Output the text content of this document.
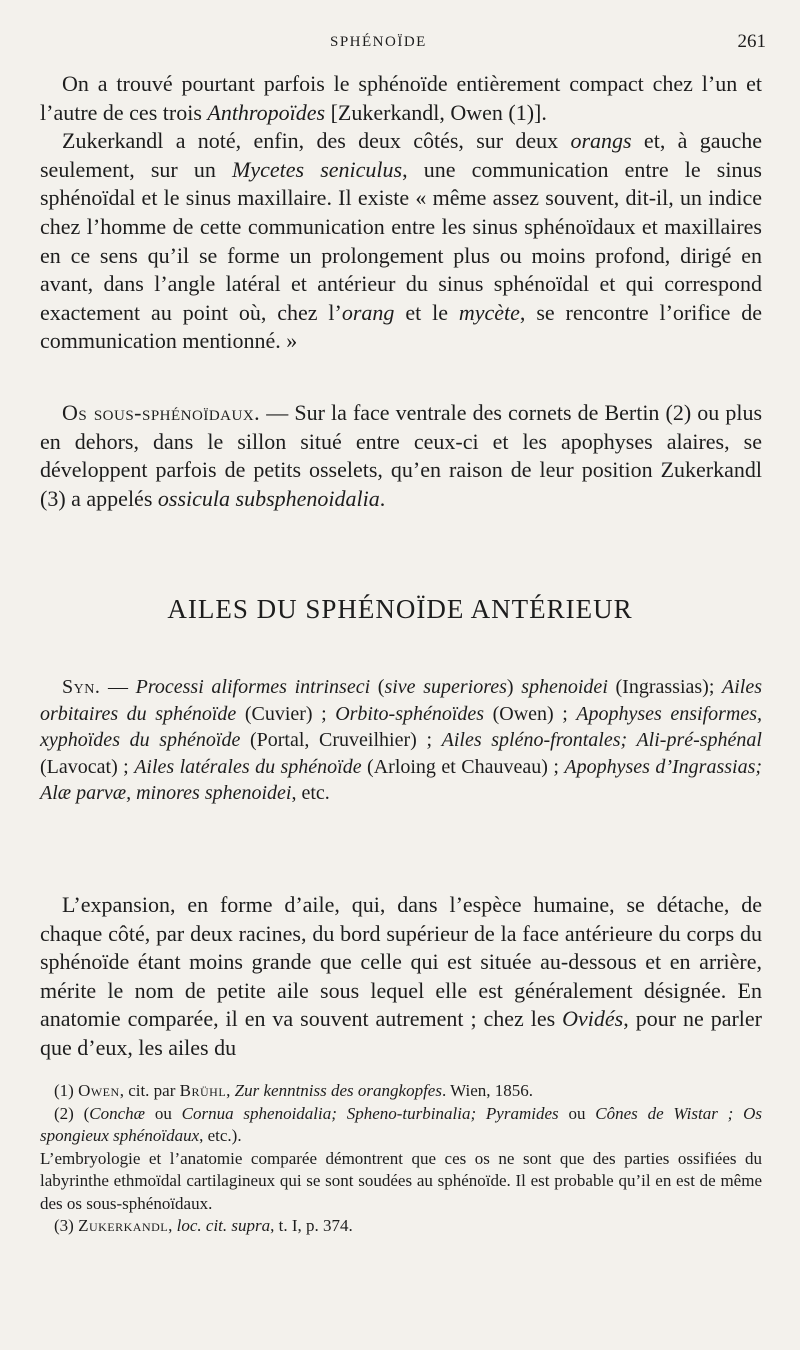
SPHÉNOÏDE	261

On a trouvé pourtant parfois le sphénoïde entièrement compact chez l’un et l’autre de ces trois Anthropoïdes [Zukerkandl, Owen (1)].

Zukerkandl a noté, enfin, des deux côtés, sur deux orangs et, à gauche seulement, sur un Mycetes seniculus, une communication entre le sinus sphénoïdal et le sinus maxillaire. Il existe « même assez souvent, dit-il, un indice chez l’homme de cette communication entre les sinus sphénoïdaux et maxillaires en ce sens qu’il se forme un prolongement plus ou moins profond, dirigé en avant, dans l’angle latéral et antérieur du sinus sphénoïdal et qui correspond exactement au point où, chez l’orang et le mycète, se rencontre l’orifice de communication mentionné. »

Os sous-sphénoïdaux. — Sur la face ventrale des cornets de Bertin (2) ou plus en dehors, dans le sillon situé entre ceux-ci et les apophyses alaires, se développent parfois de petits osselets, qu’en raison de leur position Zukerkandl (3) a appelés ossicula subsphenoidalia.

AILES DU SPHÉNOÏDE ANTÉRIEUR

Syn. — Processi aliformes intrinseci (sive superiores) sphenoidei (Ingrassias); Ailes orbitaires du sphénoïde (Cuvier) ; Orbito-sphénoïdes (Owen) ; Apophyses ensiformes, xyphoïdes du sphénoïde (Portal, Cruveilhier) ; Ailes spléno-frontales; Ali-pré-sphénal (Lavocat) ; Ailes latérales du sphénoïde (Arloing et Chauveau) ; Apophyses d’Ingrassias; Alæ parvæ, minores sphenoidei, etc.

L’expansion, en forme d’aile, qui, dans l’espèce humaine, se détache, de chaque côté, par deux racines, du bord supérieur de la face antérieure du corps du sphénoïde étant moins grande que celle qui est située au-dessous et en arrière, mérite le nom de petite aile sous lequel elle est généralement désignée. En anatomie comparée, il en va souvent autrement ; chez les Ovidés, pour ne parler que d’eux, les ailes du

(1) Owen, cit. par Brühl, Zur kenntniss des orangkopfes. Wien, 1856.

(2) (Conchæ ou Cornua sphenoidalia; Spheno-turbinalia; Pyramides ou Cônes de Wistar ; Os spongieux sphénoïdaux, etc.).

L’embryologie et l’anatomie comparée démontrent que ces os ne sont que des parties ossifiées du labyrinthe ethmoïdal cartilagineux qui se sont soudées au sphénoïde. Il est probable qu’il en est de même des os sous-sphénoïdaux.

(3) Zukerkandl, loc. cit. supra, t. I, p. 374.
